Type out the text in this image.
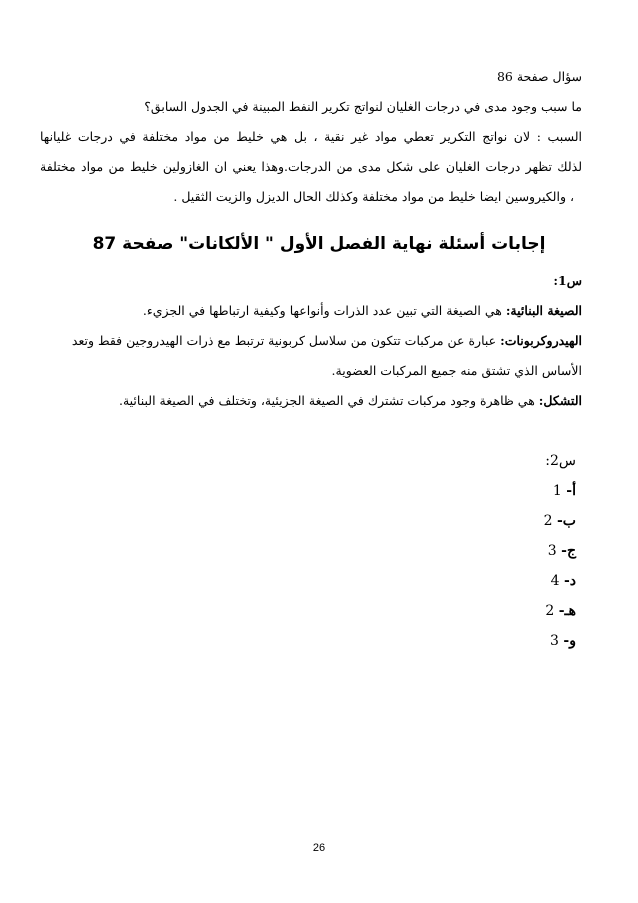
سؤال صفحة 86
ما سبب وجود مدى في درجات الغليان لنواتج تكرير النفط المبينة في الجدول السابق؟
السبب : لان نواتج التكرير تعطي مواد غير نقية ، بل هي خليط من مواد مختلفة في درجات غليانها
لذلك تظهر درجات الغليان على شكل مدى من الدرجات.وهذا يعني ان الغازولين خليط من مواد مختلفة
، والكيروسين ايضا خليط من مواد مختلفة وكذلك الحال الديزل والزيت الثقيل .
إجابات أسئلة نهاية الفصل الأول " الألكانات" صفحة 87
س1:
الصيغة البنائية: هي الصيغة التي تبين عدد الذرات وأنواعها وكيفية ارتباطها في الجزيء.
الهيدروكربونات: عبارة عن مركبات تتكون من سلاسل كربونية ترتبط مع ذرات الهيدروجين فقط وتعد
الأساس الذي تشتق منه جميع المركبات العضوية.
التشكل: هي ظاهرة وجود مركبات تشترك في الصيغة الجزيئية، وتختلف في الصيغة البنائية.
س2:
أ- 1
ب- 2
ج- 3
د- 4
هـ- 2
و- 3
26
